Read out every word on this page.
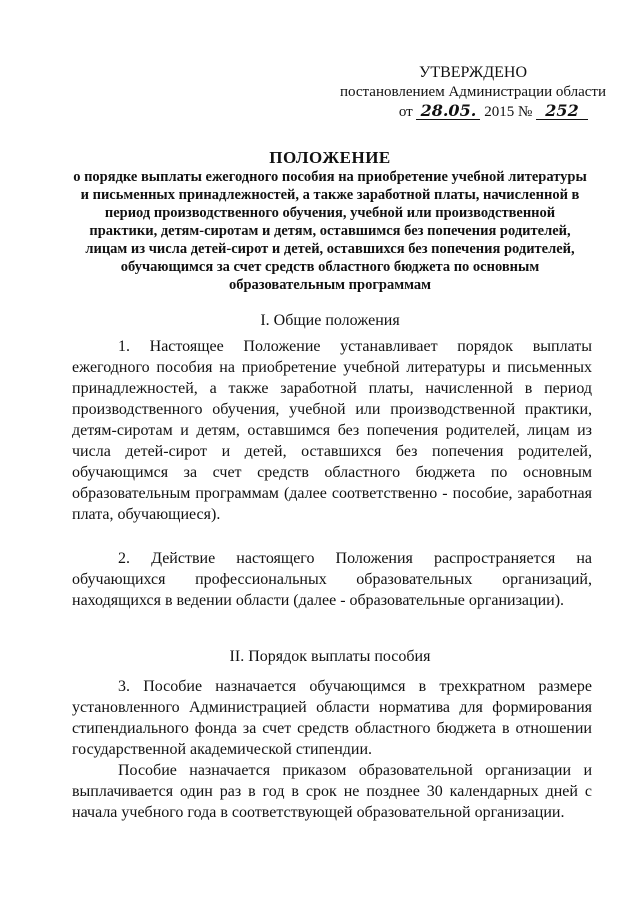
УТВЕРЖДЕНО
постановлением Администрации области
от 28.05. 2015 № 252
ПОЛОЖЕНИЕ
о порядке выплаты ежегодного пособия на приобретение учебной литературы и письменных принадлежностей, а также заработной платы, начисленной в период производственного обучения, учебной или производственной практики, детям-сиротам и детям, оставшимся без попечения родителей, лицам из числа детей-сирот и детей, оставшихся без попечения родителей, обучающимся за счет средств областного бюджета по основным образовательным программам
I. Общие положения

1. Настоящее Положение устанавливает порядок выплаты ежегодного пособия на приобретение учебной литературы и письменных принадлежностей, а также заработной платы, начисленной в период производственного обучения, учебной или производственной практики, детям-сиротам и детям, оставшимся без попечения родителей, лицам из числа детей-сирот и детей, оставшихся без попечения родителей, обучающимся за счет средств областного бюджета по основным образовательным программам (далее соответственно - пособие, заработная плата, обучающиеся).

2. Действие настоящего Положения распространяется на обучающихся профессиональных образовательных организаций, находящихся в ведении области (далее - образовательные организации).

II. Порядок выплаты пособия

3. Пособие назначается обучающимся в трехкратном размере установленного Администрацией области норматива для формирования стипендиального фонда за счет средств областного бюджета в отношении государственной академической стипендии.

Пособие назначается приказом образовательной организации и выплачивается один раз в год в срок не позднее 30 календарных дней с начала учебного года в соответствующей образовательной организации.
